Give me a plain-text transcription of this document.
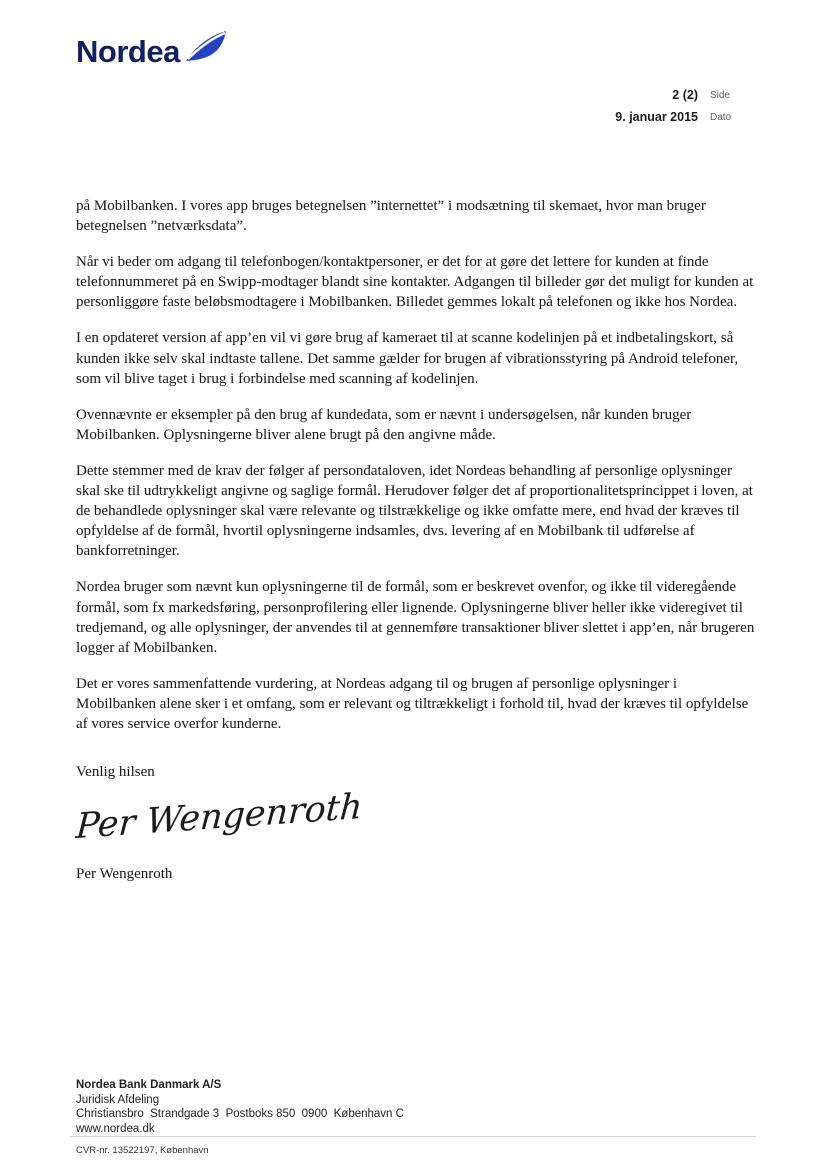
Nordea
2 (2) Side
9. januar 2015 Dato

på Mobilbanken. I vores app bruges betegnelsen ”internettet” i modsætning til skemaet, hvor man bruger betegnelsen ”netværksdata”.

Når vi beder om adgang til telefonbogen/kontaktpersoner, er det for at gøre det lettere for kunden at finde telefonnummeret på en Swipp-modtager blandt sine kontakter. Adgangen til billeder gør det muligt for kunden at personliggøre faste beløbsmodtagere i Mobilbanken. Billedet gemmes lokalt på telefonen og ikke hos Nordea.

I en opdateret version af app’en vil vi gøre brug af kameraet til at scanne kodelinjen på et indbetalingskort, så kunden ikke selv skal indtaste tallene. Det samme gælder for brugen af vibrationsstyring på Android telefoner, som vil blive taget i brug i forbindelse med scanning af kodelinjen.

Ovennævnte er eksempler på den brug af kundedata, som er nævnt i undersøgelsen, når kunden bruger Mobilbanken. Oplysningerne bliver alene brugt på den angivne måde.

Dette stemmer med de krav der følger af persondataloven, idet Nordeas behandling af personlige oplysninger skal ske til udtrykkeligt angivne og saglige formål. Herudover følger det af proportionalitetsprincippet i loven, at de behandlede oplysninger skal være relevante og tilstrækkelige og ikke omfatte mere, end hvad der kræves til opfyldelse af de formål, hvortil oplysningerne indsamles, dvs. levering af en Mobilbank til udførelse af bankforretninger.

Nordea bruger som nævnt kun oplysningerne til de formål, som er beskrevet ovenfor, og ikke til videregående formål, som fx markedsføring, personprofilering eller lignende. Oplysningerne bliver heller ikke videregivet til tredjemand, og alle oplysninger, der anvendes til at gennemføre transaktioner bliver slettet i app’en, når brugeren logger af Mobilbanken.

Det er vores sammenfattende vurdering, at Nordeas adgang til og brugen af personlige oplysninger i Mobilbanken alene sker i et omfang, som er relevant og tiltrækkeligt i forhold til, hvad der kræves til opfyldelse af vores service overfor kunderne.

Venlig hilsen
Per Wengenroth
Per Wengenroth
Nordea Bank Danmark A/S
Juridisk Afdeling
Christiansbro  Strandgade 3  Postboks 850  0900  København C
www.nordea.dk
CVR-nr. 13522197, København
